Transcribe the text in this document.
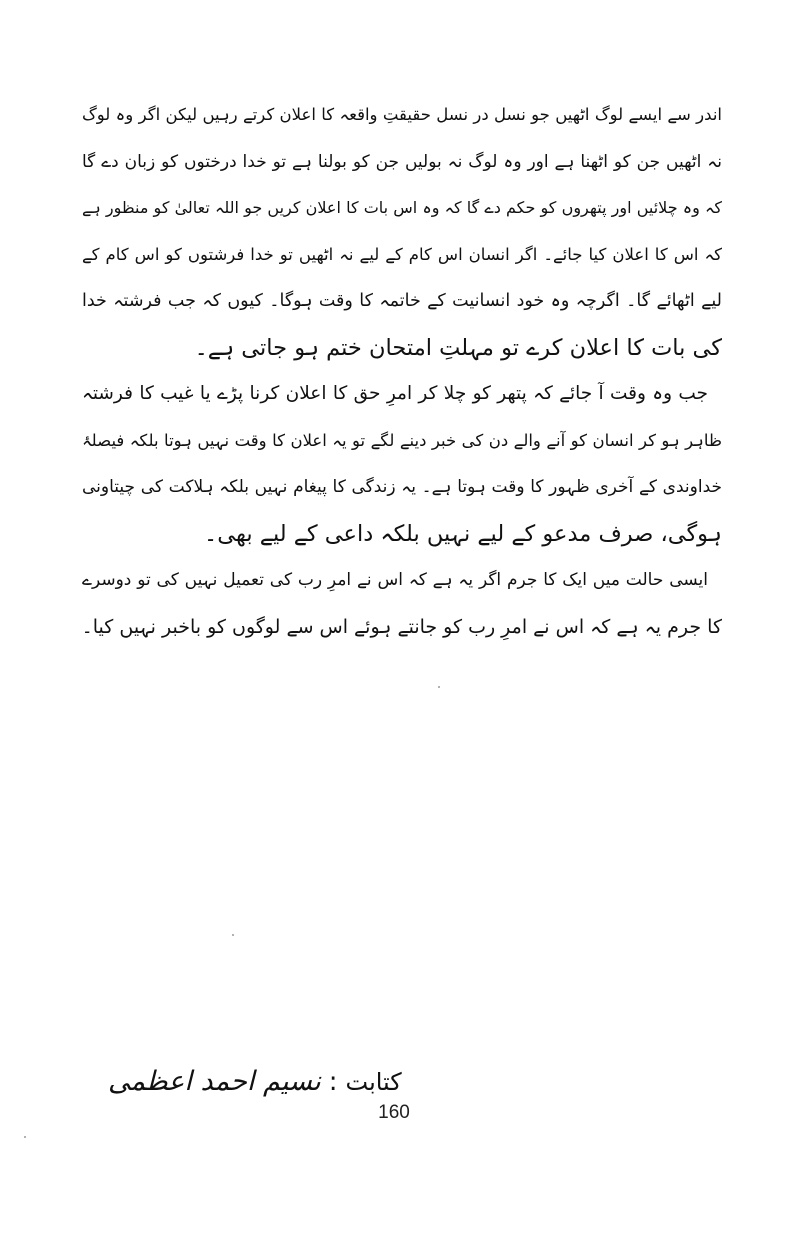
اندر سے ایسے لوگ اٹھیں جو نسل در نسل حقیقتِ واقعہ کا اعلان کرتے رہیں لیکن اگر وہ لوگ
نہ اٹھیں جن کو اٹھنا ہے اور وہ لوگ نہ بولیں جن کو بولنا ہے تو خدا درختوں کو زبان دے گا
کہ وہ چلائیں اور پتھروں کو حکم دے گا کہ وہ اس بات کا اعلان کریں جو اللہ تعالیٰ کو منظور ہے
کہ اس کا اعلان کیا جائے۔ اگر انسان اس کام کے لیے نہ اٹھیں تو خدا فرشتوں کو اس کام کے
لیے اٹھائے گا۔ اگرچہ وہ خود انسانیت کے خاتمہ کا وقت ہوگا۔ کیوں کہ جب فرشتہ خدا
کی بات کا اعلان کرے تو مہلتِ امتحان ختم ہو جاتی ہے۔
جب وہ وقت آ جائے کہ پتھر کو چلا کر امرِ حق کا اعلان کرنا پڑے یا غیب کا فرشتہ
ظاہر ہو کر انسان کو آنے والے دن کی خبر دینے لگے تو یہ اعلان کا وقت نہیں ہوتا بلکہ فیصلۂ
خداوندی کے آخری ظہور کا وقت ہوتا ہے۔ یہ زندگی کا پیغام نہیں بلکہ ہلاکت کی چیتاونی
ہوگی، صرف مدعو کے لیے نہیں بلکہ داعی کے لیے بھی۔
ایسی حالت میں ایک کا جرم اگر یہ ہے کہ اس نے امرِ رب کی تعمیل نہیں کی تو دوسرے
کا جرم یہ ہے کہ اس نے امرِ رب کو جانتے ہوئے اس سے لوگوں کو باخبر نہیں کیا۔
کتابت:نسیم احمد اعظمی
160
